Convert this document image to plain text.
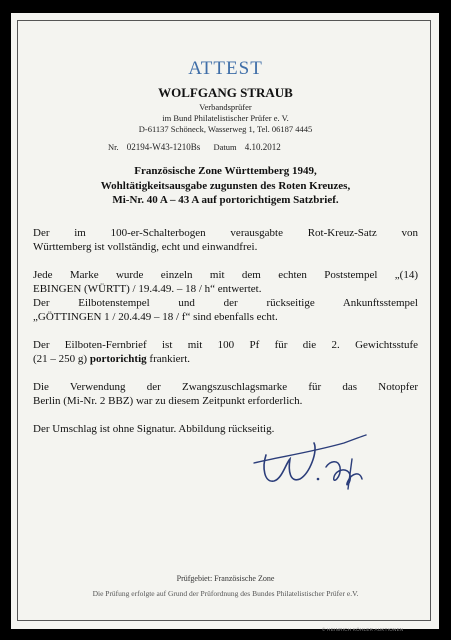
ATTEST
WOLFGANG STRAUB
Verbandsprüfer
im Bund Philatelistischer Prüfer e. V.
D-61137 Schöneck, Wasserweg 1, Tel. 06187 4445
Nr. 02194-W43-1210Bs Datum 4.10.2012
Französische Zone Württemberg 1949,
Wohltätigkeitsausgabe zugunsten des Roten Kreuzes,
Mi-Nr. 40 A – 43 A auf portorichtigem Satzbrief.
Der im 100-er-Schalterbogen verausgabte Rot-Kreuz-Satz von
Württemberg ist vollständig, echt und einwandfrei.
Jede Marke wurde einzeln mit dem echten Poststempel „(14)
EBINGEN (WÜRTT) / 19.4.49. – 18 / h“ entwertet.
Der Eilbotenstempel und der rückseitige Ankunftsstempel
„GÖTTINGEN 1 / 20.4.49 – 18 / f“ sind ebenfalls echt.
Der Eilboten-Fernbrief ist mit 100 Pf für die 2. Gewichtsstufe
(21 – 250 g) portorichtig frankiert.
Die Verwendung der Zwangszuschlagsmarke für das Notopfer
Berlin (Mi-Nr. 2 BBZ) war zu diesem Zeitpunkt erforderlich.
Der Umschlag ist ohne Signatur. Abbildung rückseitig.
Prüfgebiet: Französische Zone
Die Prüfung erfolgte auf Grund der Prüfordnung des Bundes Philatelistischer Prüfer e.V.
© HEINRICH KÖHLER AUKTIONEN
